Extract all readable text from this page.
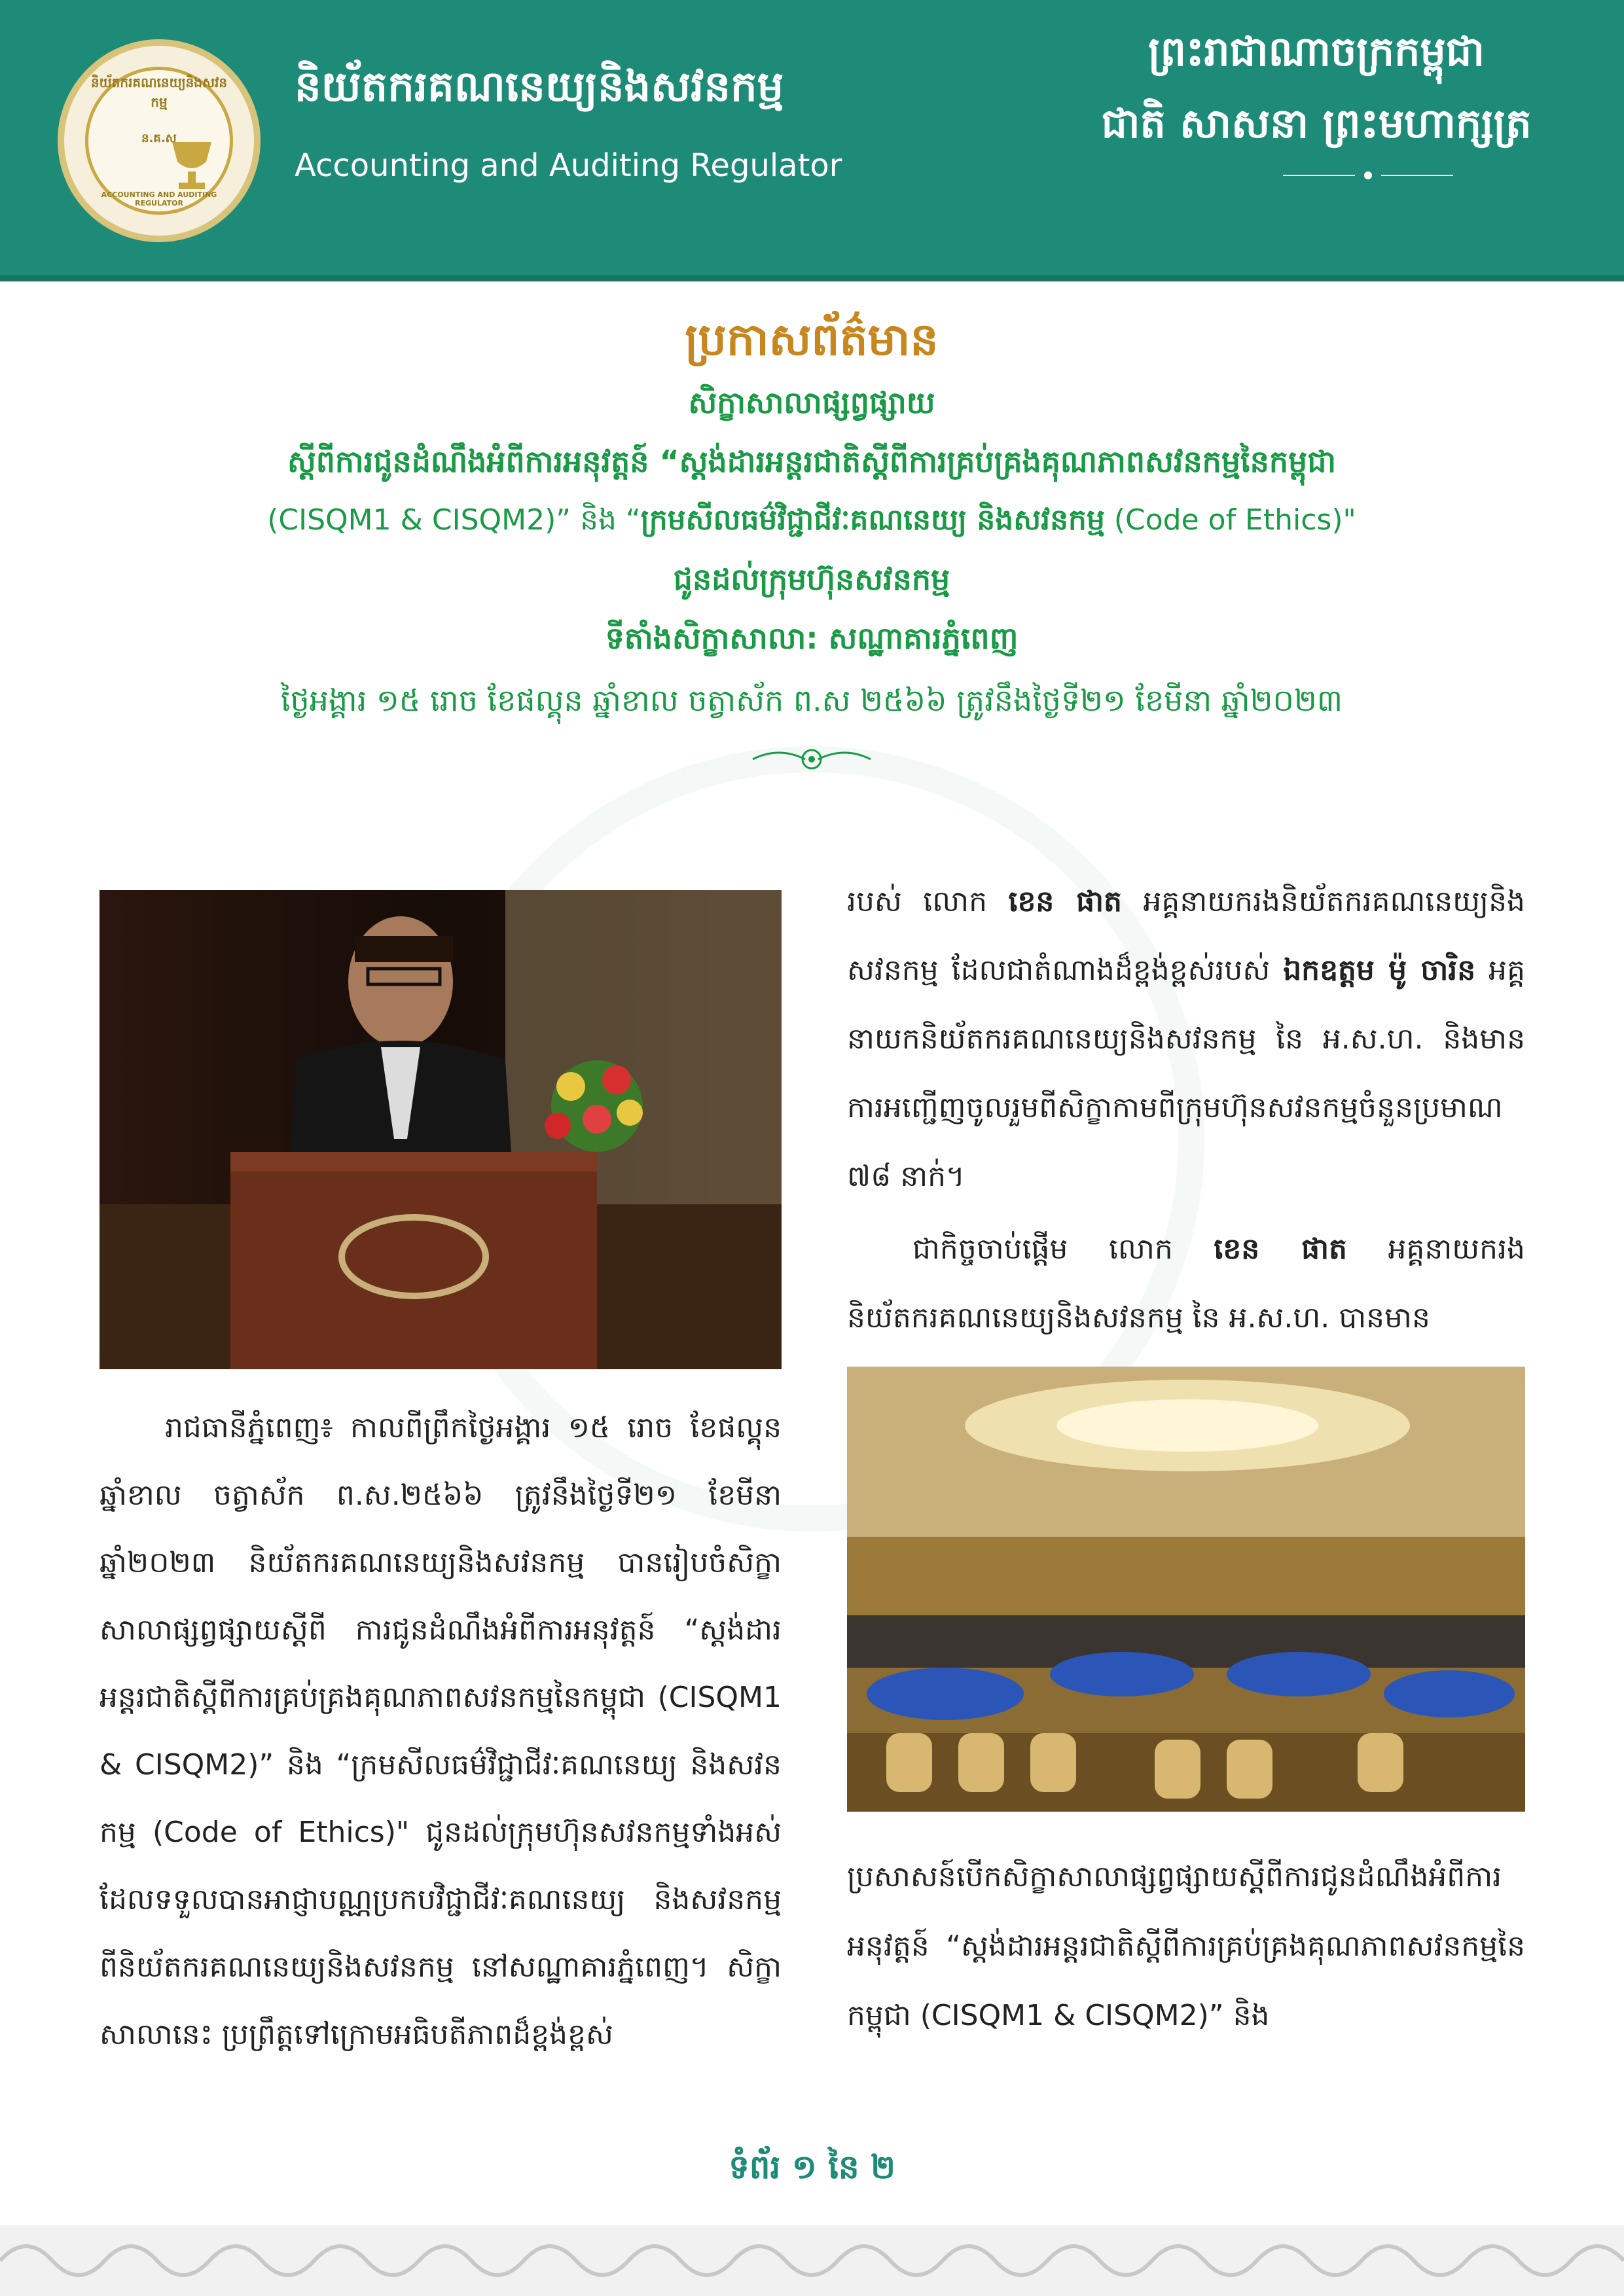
និយ័តករគណនេយ្យនិងសវនកម្ម
ន.គ.ស
ACCOUNTING AND AUDITING REGULATOR
និយ័តករគណនេយ្យនិងសវនកម្ម
Accounting and Auditing Regulator
ព្រះរាជាណាចក្រកម្ពុជា
ជាតិ សាសនា ព្រះមហាក្សត្រ
ប្រកាសព័ត៌មាន
សិក្ខាសាលាផ្សព្វផ្សាយ
ស្តីពីការជូនដំណឹងអំពីការអនុវត្តន៍ “ស្តង់ដារអន្តរជាតិស្តីពីការគ្រប់គ្រងគុណភាពសវនកម្មនៃកម្ពុជា
(CISQM1 & CISQM2)” និង “ក្រមសីលធម៌វិជ្ជាជីវៈគណនេយ្យ និងសវនកម្ម (Code of Ethics)"
ជូនដល់ក្រុមហ៊ុនសវនកម្ម
ទីតាំងសិក្ខាសាលា: សណ្ឋាគារភ្នំពេញ
ថ្ងៃអង្គារ ១៥ រោច ខែផល្គុន ឆ្នាំខាល ចត្វាស័ក ព.ស ២៥៦៦ ត្រូវនឹងថ្ងៃទី២១ ខែមីនា ឆ្នាំ២០២៣

រាជធានីភ្នំពេញ៖ កាលពីព្រឹកថ្ងៃអង្គារ ១៥ រោច ខែផល្គុន ឆ្នាំខាល ចត្វាស័ក ព.ស.២៥៦៦ ត្រូវនឹងថ្ងៃទី២១ ខែមីនា ឆ្នាំ២០២៣ និយ័តករគណនេយ្យនិងសវនកម្ម បានរៀបចំសិក្ខាសាលាផ្សព្វផ្សាយស្តីពី ការជូនដំណឹងអំពីការអនុវត្តន៍ “ស្តង់ដារអន្តរជាតិស្តីពីការគ្រប់គ្រងគុណភាពសវនកម្មនៃកម្ពុជា (CISQM1 & CISQM2)” និង “ក្រមសីលធម៌វិជ្ជាជីវៈគណនេយ្យ និងសវនកម្ម (Code of Ethics)" ជូនដល់ក្រុមហ៊ុនសវនកម្មទាំងអស់ ដែលទទួលបានអាជ្ញាបណ្ណប្រកបវិជ្ជាជីវៈគណនេយ្យ និងសវនកម្ម ពីនិយ័តករគណនេយ្យនិងសវនកម្ម នៅសណ្ឋាគារភ្នំពេញ។ សិក្ខាសាលានេះ ប្រព្រឹត្តទៅក្រោមអធិបតីភាពដ៏ខ្ពង់ខ្ពស់

របស់ លោក ខេន ផាត អគ្គនាយករងនិយ័តករគណនេយ្យនិងសវនកម្ម ដែលជាតំណាងដ៏ខ្ពង់ខ្ពស់របស់ ឯកឧត្តម ម៉ូ ចារិន អគ្គនាយកនិយ័តករគណនេយ្យនិងសវនកម្ម នៃ អ.ស.ហ. និងមានការអញ្ជើញចូលរួមពីសិក្ខាកាមពីក្រុមហ៊ុនសវនកម្មចំនួនប្រមាណ ៧៨ នាក់។

ជាកិច្ចចាប់ផ្តើម លោក ខេន ផាត អគ្គនាយករង និយ័តករគណនេយ្យនិងសវនកម្ម នៃ អ.ស.ហ. បានមាន

ប្រសាសន៍បើកសិក្ខាសាលាផ្សព្វផ្សាយស្តីពីការជូនដំណឹងអំពីការអនុវត្តន៍ “ស្តង់ដារអន្តរជាតិស្តីពីការគ្រប់គ្រងគុណភាពសវនកម្មនៃកម្ពុជា (CISQM1 & CISQM2)” និង

ទំព័រ ១ នៃ ២
